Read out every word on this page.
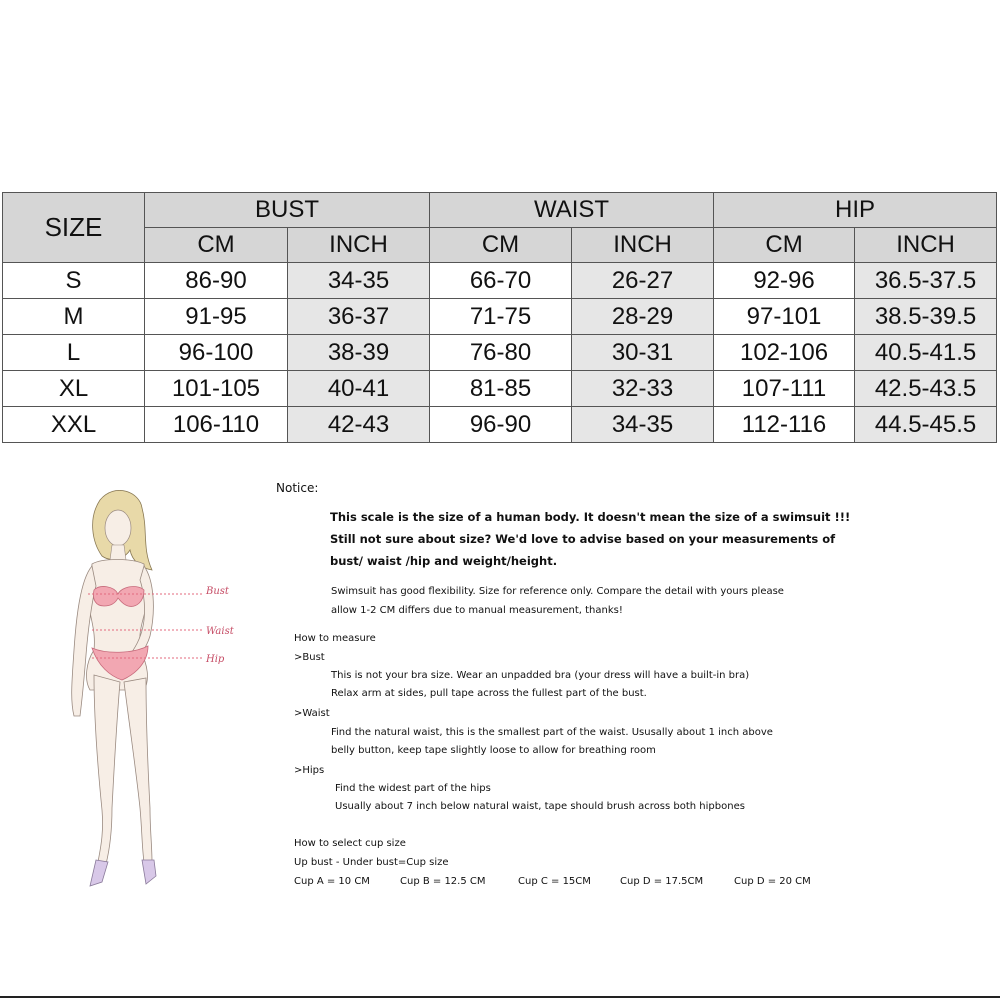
SIZE	BUST		WAIST		HIP	
	CM	INCH	CM	INCH	CM	INCH
S	86-90	34-35	66-70	26-27	92-96	36.5-37.5
M	91-95	36-37	71-75	28-29	97-101	38.5-39.5
L	96-100	38-39	76-80	30-31	102-106	40.5-41.5
XL	101-105	40-41	81-85	32-33	107-111	42.5-43.5
XXL	106-110	42-43	96-90	34-35	112-116	44.5-45.5
Bust
Waist
Hip
Notice:
This scale is the size of a human body. It doesn't mean the size of a swimsuit !!!
Still not sure about size? We'd love to advise based on your measurements of
bust/ waist /hip and weight/height.
Swimsuit has good flexibility. Size for reference only. Compare the detail with yours please
allow 1-2 CM differs due to manual measurement, thanks!
How to measure
>Bust
This is not your bra size. Wear an unpadded bra (your dress will have a built-in bra)
Relax arm at sides, pull tape across the fullest part of the bust.
>Waist
Find the natural waist, this is the smallest part of the waist. Ususally about 1 inch above
belly button, keep tape slightly loose to allow for breathing room
>Hips
Find the widest part of the hips
Usually about 7 inch below natural waist, tape should brush across both hipbones
How to select cup size
Up bust - Under bust=Cup size
Cup A = 10 CM	Cup B = 12.5 CM	Cup C = 15CM	Cup D = 17.5CM	Cup D = 20 CM
